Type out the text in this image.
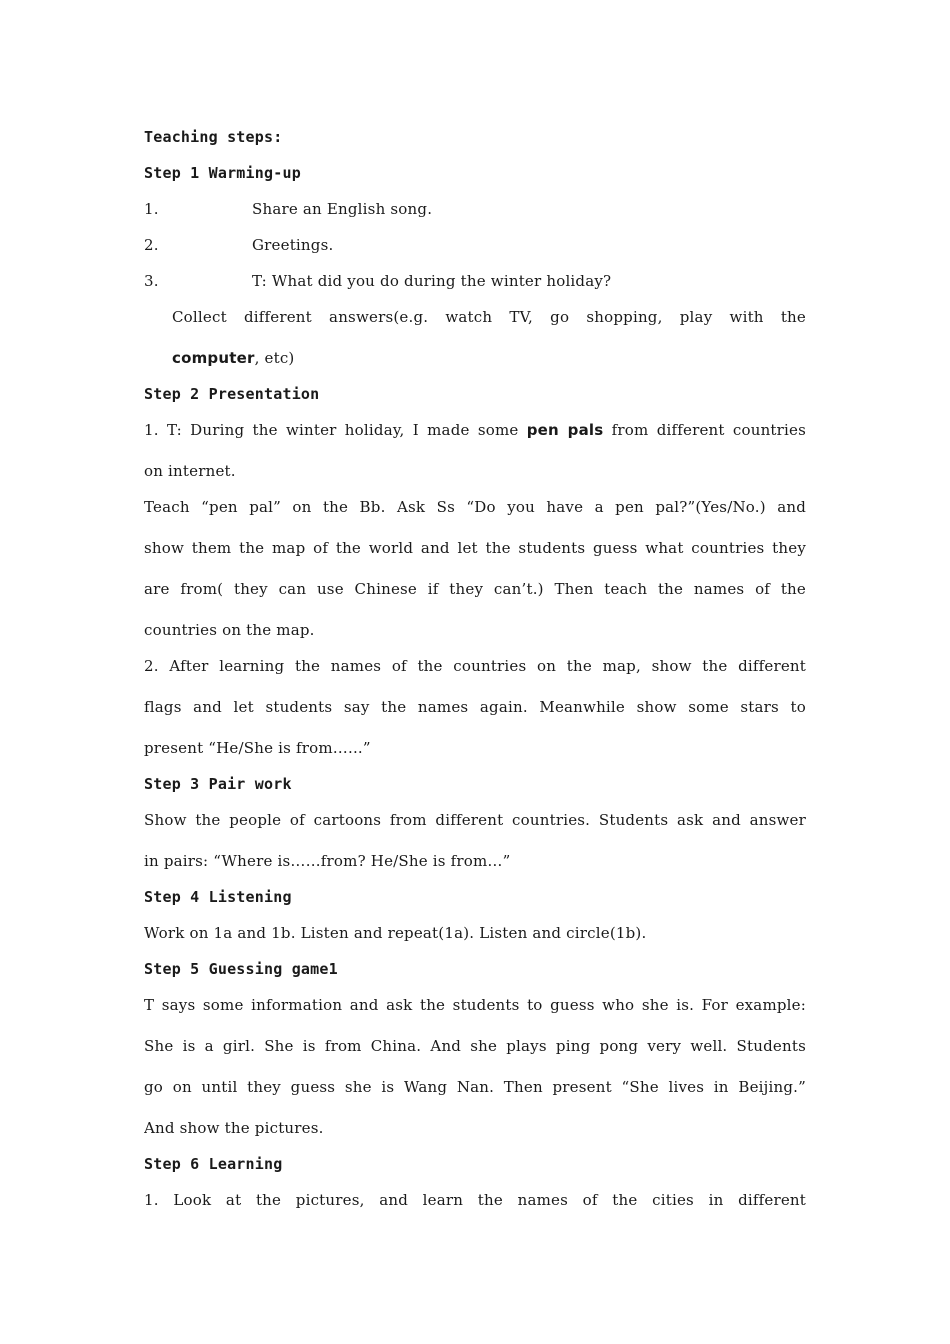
Teaching steps:
Step 1 Warming-up
1.	Share an English song.
2.	Greetings.
3.	T: What did you do during the winter holiday?
Collect different answers(e.g. watch TV, go shopping, play with the
computer, etc)
Step 2 Presentation
1. T: During the winter holiday, I made some pen pals from different countries
on internet.
Teach “pen pal” on the Bb. Ask Ss “Do you have a pen pal?”(Yes/No.) and
show them the map of the world and let the students guess what countries they
are from( they can use Chinese if they can’t.) Then teach the names of the
countries on the map.
2. After learning the names of the countries on the map, show the different
flags and let students say the names again. Meanwhile show some stars to
present “He/She is from…...”
Step 3 Pair work
Show the people of cartoons from different countries. Students ask and answer
in pairs: “Where is……from? He/She is from…”
Step 4 Listening
Work on 1a and 1b. Listen and repeat(1a). Listen and circle(1b).
Step 5 Guessing game1
T says some information and ask the students to guess who she is. For example:
She is a girl. She is from China. And she plays ping pong very well. Students
go on until they guess she is Wang Nan. Then present “She lives in Beijing.”
And show the pictures.
Step 6 Learning
1. Look at the pictures, and learn the names of the cities in different
